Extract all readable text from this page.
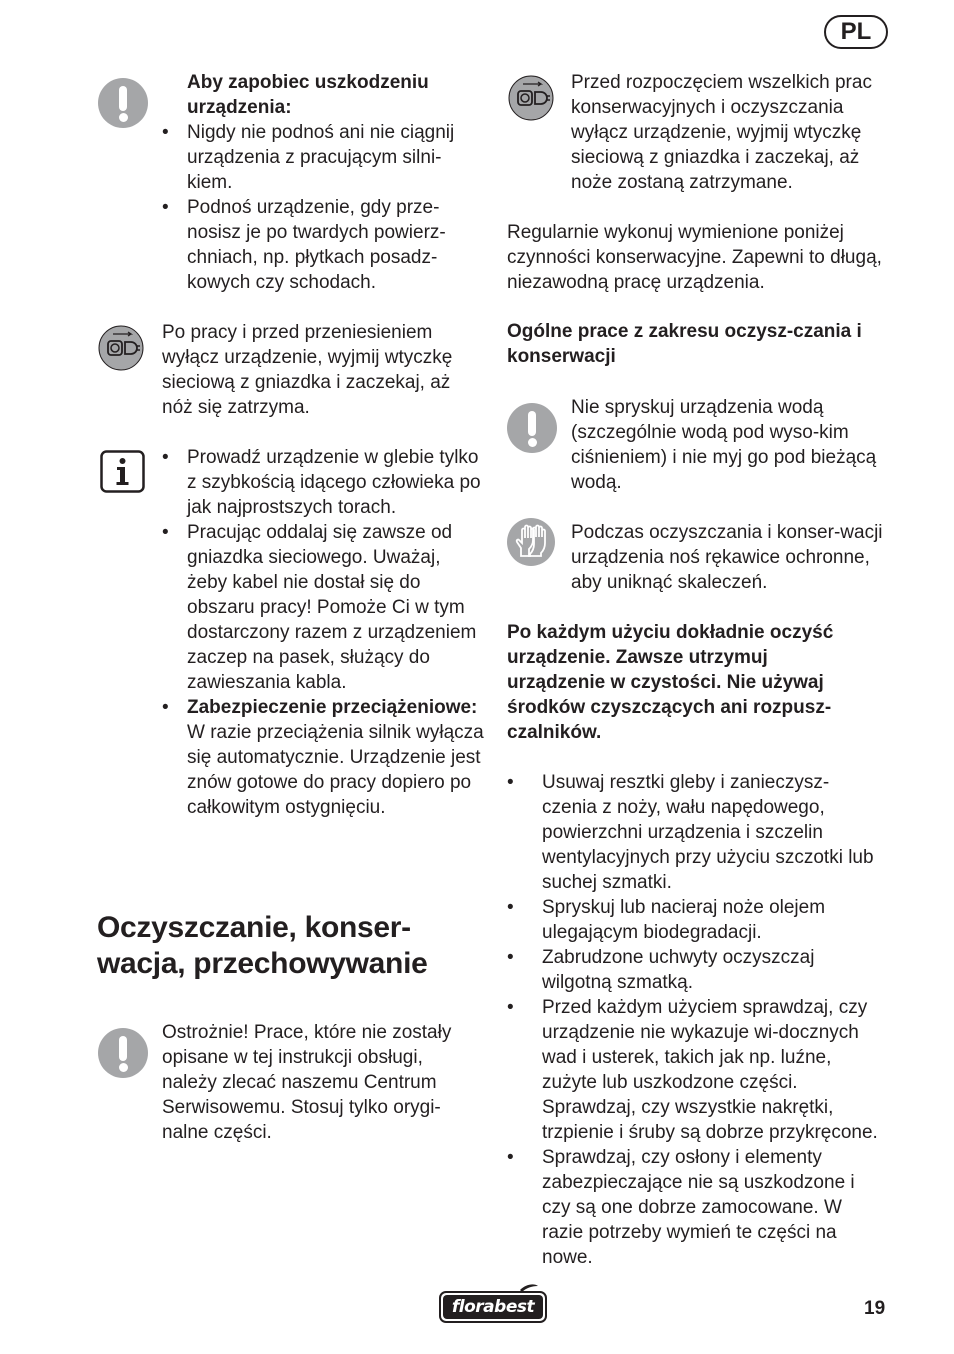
PL

Aby zapobiec uszkodzeniu urządzenia:

• Nigdy nie podnoś ani nie ciągnij urządzenia z pracującym silni-kiem.
• Podnoś urządzenie, gdy prze-nosisz je po twardych powierz-chniach, np. płytkach posadz-kowych czy schodach.

Po pracy i przed przeniesieniem wyłącz urządzenie, wyjmij wtyczkę sieciową z gniazdka i zaczekaj, aż nóż się zatrzyma.

• Prowadź urządzenie w glebie tylko z szybkością idącego człowieka po jak najprostszych torach.
• Pracując oddalaj się zawsze od gniazdka sieciowego. Uważaj, żeby kabel nie dostał się do obszaru pracy! Pomoże Ci w tym dostarczony razem z urządzeniem zaczep na pasek, służący do zawieszania kabla.
• Zabezpieczenie przeciążeniowe: W razie przeciążenia silnik wyłącza się automatycznie. Urządzenie jest znów gotowe do pracy dopiero po całkowitym ostygnięciu.
Oczyszczanie, konser-wacja, przechowywanie

Ostrożnie! Prace, które nie zostały opisane w tej instrukcji obsługi, należy zlecać naszemu Centrum Serwisowemu. Stosuj tylko orygi-nalne części.

Przed rozpoczęciem wszelkich prac konserwacyjnych i oczyszczania wyłącz urządzenie, wyjmij wtyczkę sieciową z gniazdka i zaczekaj, aż noże zostaną zatrzymane.

Regularnie wykonuj wymienione poniżej czynności konserwacyjne. Zapewni to długą, niezawodną pracę urządzenia.

Ogólne prace z zakresu oczysz-czania i konserwacji

Nie spryskuj urządzenia wodą (szczególnie wodą pod wyso-kim ciśnieniem) i nie myj go pod bieżącą wodą.

Podczas oczyszczania i konser-wacji urządzenia noś rękawice ochronne, aby uniknąć skaleczeń.

Po każdym użyciu dokładnie oczyść urządzenie. Zawsze utrzymuj urządzenie w czystości. Nie używaj środków czyszczących ani rozpusz-czalników.

• Usuwaj resztki gleby i zanieczysz-czenia z noży, wału napędowego, powierzchni urządzenia i szczelin wentylacyjnych przy użyciu szczotki lub suchej szmatki.
• Spryskuj lub nacieraj noże olejem ulegającym biodegradacji.
• Zabrudzone uchwyty oczyszczaj wilgotną szmatką.
• Przed każdym użyciem sprawdzaj, czy urządzenie nie wykazuje wi-docznych wad i usterek, takich jak np. luźne, zużyte lub uszkodzone części. Sprawdzaj, czy wszystkie nakrętki, trzpienie i śruby są dobrze przykręcone.
• Sprawdzaj, czy osłony i elementy zabezpieczające nie są uszkodzone i czy są one dobrze zamocowane. W razie potrzeby wymień te części na nowe.
florabest	19
